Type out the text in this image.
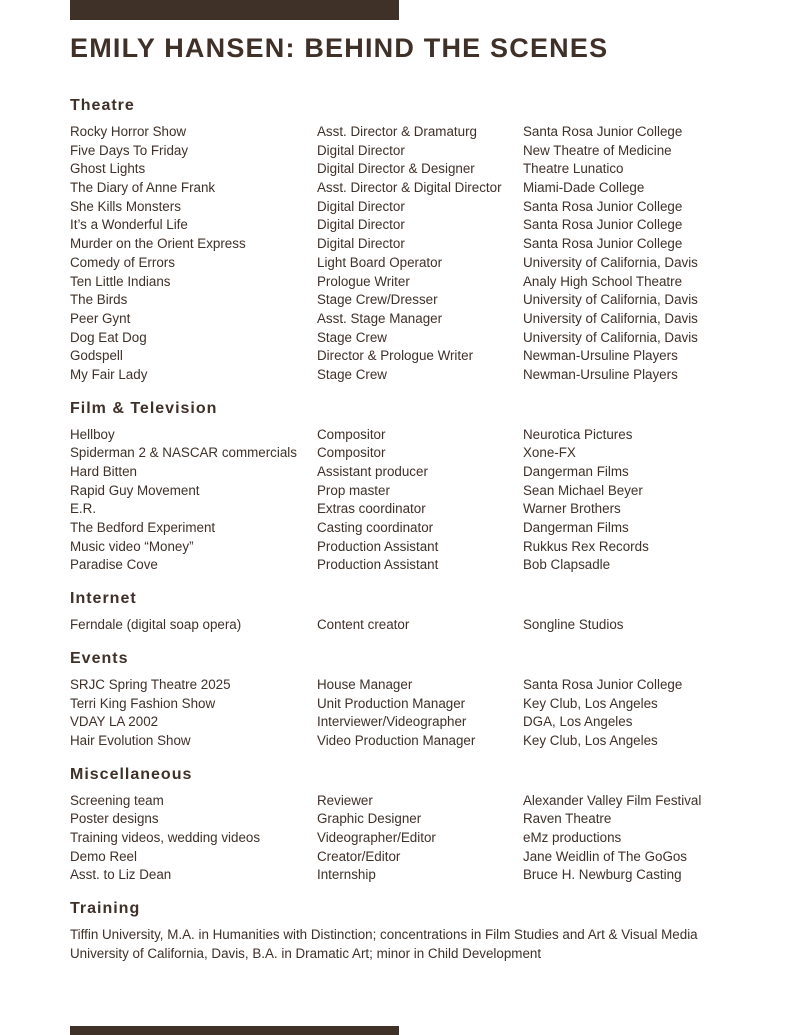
EMILY HANSEN: BEHIND THE SCENES
Theatre
Rocky Horror Show	Asst. Director & Dramaturg	Santa Rosa Junior College
Five Days To Friday	Digital Director	New Theatre of Medicine
Ghost Lights	Digital Director & Designer	Theatre Lunatico
The Diary of Anne Frank	Asst. Director & Digital Director	Miami-Dade College
She Kills Monsters	Digital Director	Santa Rosa Junior College
It’s a Wonderful Life	Digital Director	Santa Rosa Junior College
Murder on the Orient Express	Digital Director	Santa Rosa Junior College
Comedy of Errors	Light Board Operator	University of California, Davis
Ten Little Indians	Prologue Writer	Analy High School Theatre
The Birds	Stage Crew/Dresser	University of California, Davis
Peer Gynt	Asst. Stage Manager	University of California, Davis
Dog Eat Dog	Stage Crew	University of California, Davis
Godspell	Director & Prologue Writer	Newman-Ursuline Players
My Fair Lady	Stage Crew	Newman-Ursuline Players
Film & Television
Hellboy	Compositor	Neurotica Pictures
Spiderman 2 & NASCAR commercials	Compositor	Xone-FX
Hard Bitten	Assistant producer	Dangerman Films
Rapid Guy Movement	Prop master	Sean Michael Beyer
E.R.	Extras coordinator	Warner Brothers
The Bedford Experiment	Casting coordinator	Dangerman Films
Music video “Money”	Production Assistant	Rukkus Rex Records
Paradise Cove	Production Assistant	Bob Clapsadle
Internet
Ferndale (digital soap opera)	Content creator	Songline Studios
Events
SRJC Spring Theatre 2025	House Manager	Santa Rosa Junior College
Terri King Fashion Show	Unit Production Manager	Key Club, Los Angeles
VDAY LA 2002	Interviewer/Videographer	DGA, Los Angeles
Hair Evolution Show	Video Production Manager	Key Club, Los Angeles
Miscellaneous
Screening team	Reviewer	Alexander Valley Film Festival
Poster designs	Graphic Designer	Raven Theatre
Training videos, wedding videos	Videographer/Editor	eMz productions
Demo Reel	Creator/Editor	Jane Weidlin of The GoGos
Asst. to Liz Dean	Internship	Bruce H. Newburg Casting
Training
Tiffin University, M.A. in Humanities with Distinction; concentrations in Film Studies and Art & Visual Media
University of California, Davis, B.A. in Dramatic Art; minor in Child Development
